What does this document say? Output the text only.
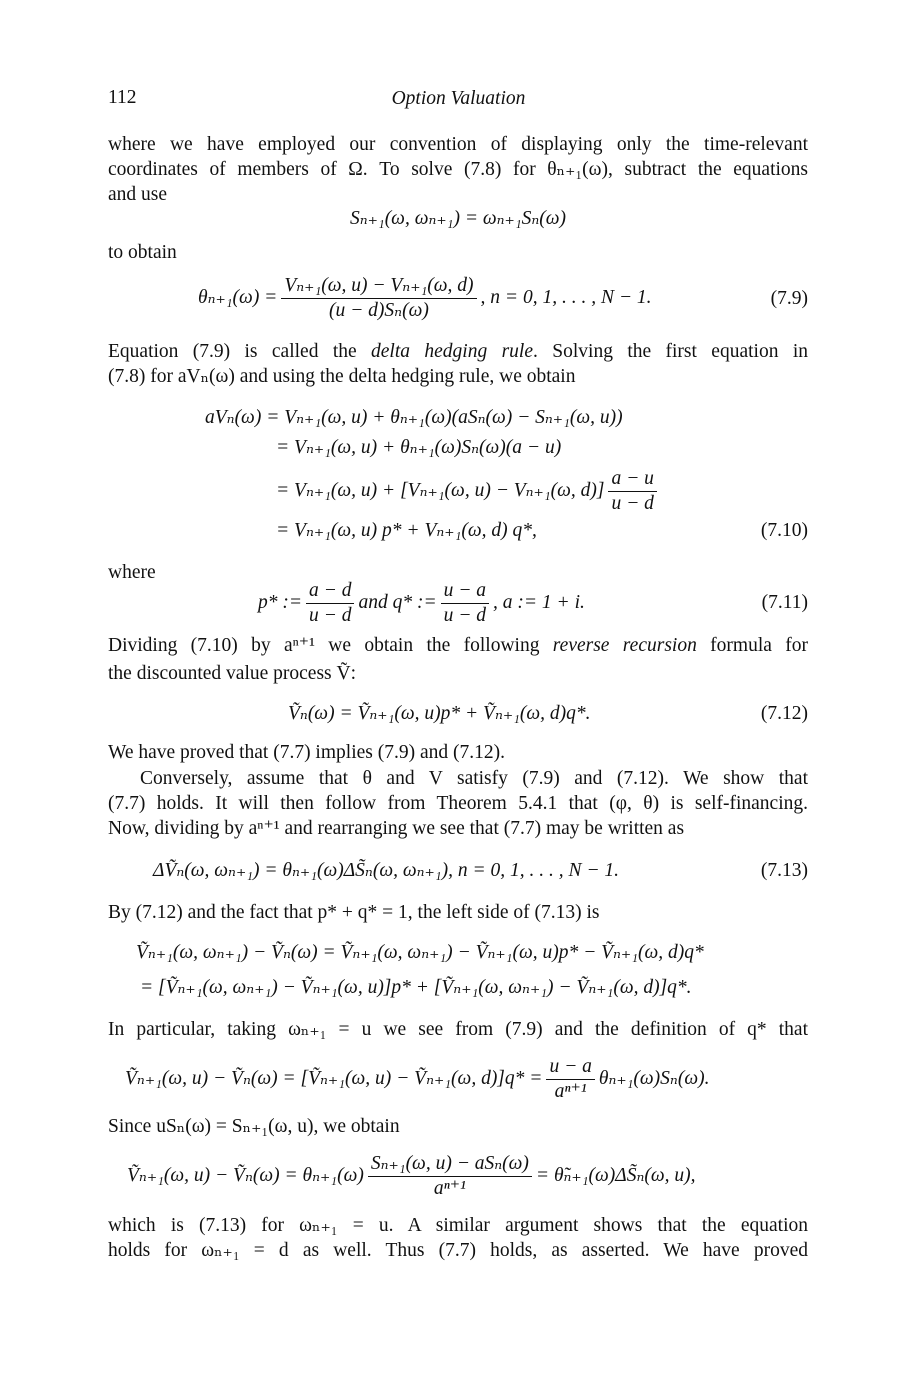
112	Option Valuation
where we have employed our convention of displaying only the time-relevant
coordinates of members of Ω. To solve (7.8) for θₙ₊₁(ω), subtract the equations
and use
Sₙ₊₁(ω, ωₙ₊₁) = ωₙ₊₁Sₙ(ω)
to obtain
$\theta_{n+1}(\omega) = \frac{\text{Vₙ₊₁(ω, u) − Vₙ₊₁(ω, d)}}{\text{(u − d)Sₙ(ω)}}$ , n = 0, 1, . . . , N − 1.	(7.9)
Equation (7.9) is called the delta hedging rule. Solving the first equation in
(7.8) for aVₙ(ω) and using the delta hedging rule, we obtain
aVₙ(ω) = Vₙ₊₁(ω, u) + θₙ₊₁(ω)(aSₙ(ω) − Sₙ₊₁(ω, u))
= Vₙ₊₁(ω, u) + θₙ₊₁(ω)Sₙ(ω)(a − u)
= Vₙ₊₁(ω, u) + [Vₙ₊₁(ω, u) − Vₙ₊₁(ω, $d)] \frac{a - u}{u - d}$
= Vₙ₊₁(ω, u) p* + Vₙ₊₁(ω, d) q*,	(7.10)
where
p* := $\frac{a - d}{u - d}$ and q* := $\frac{u - a}{u - d}$ , a := 1 + i.	(7.11)
Dividing (7.10) by aⁿ⁺¹ we obtain the following reverse recursion formula for
the discounted value process Ṽ:
Ṽₙ(ω) = Ṽₙ₊₁(ω, u)p* + Ṽₙ₊₁(ω, d)q*.	(7.12)
We have proved that (7.7) implies (7.9) and (7.12).
Conversely, assume that θ and V satisfy (7.9) and (7.12). We show that
(7.7) holds. It will then follow from Theorem 5.4.1 that (φ, θ) is self-financing.
Now, dividing by aⁿ⁺¹ and rearranging we see that (7.7) may be written as
ΔṼₙ(ω, ωₙ₊₁) = θₙ₊₁(ω)ΔS̃ₙ(ω, ωₙ₊₁), n = 0, 1, . . . , N − 1.	(7.13)
By (7.12) and the fact that p* + q* = 1, the left side of (7.13) is
Ṽₙ₊₁(ω, ωₙ₊₁) − Ṽₙ(ω) = Ṽₙ₊₁(ω, ωₙ₊₁) − Ṽₙ₊₁(ω, u)p* − Ṽₙ₊₁(ω, d)q*
= [Ṽₙ₊₁(ω, ωₙ₊₁) − Ṽₙ₊₁(ω, u)]p* + [Ṽₙ₊₁(ω, ωₙ₊₁) − Ṽₙ₊₁(ω, d)]q*.
In particular, taking ωₙ₊₁ = u we see from (7.9) and the definition of q* that
Ṽₙ₊₁(ω, u) − Ṽₙ(ω) = [Ṽₙ₊₁(ω, u) − Ṽₙ₊₁(ω, $d)]q* = \frac{u - a}{\text{aⁿ⁺¹}} \theta_{n+1}(\omega)S_n(\omega)$.
Since uSₙ(ω) = Sₙ₊₁(ω, u), we obtain
Ṽₙ₊₁(ω, u) − Ṽₙ(ω) = $\theta_{n+1}(\omega) \frac{\text{Sₙ₊₁(ω, u) − aSₙ(ω)}}{\text{aⁿ⁺¹}}$ = θ̃ₙ₊₁(ω)ΔS̃ₙ(ω, u),
which is (7.13) for ωₙ₊₁ = u. A similar argument shows that the equation
holds for ωₙ₊₁ = d as well. Thus (7.7) holds, as asserted. We have proved
